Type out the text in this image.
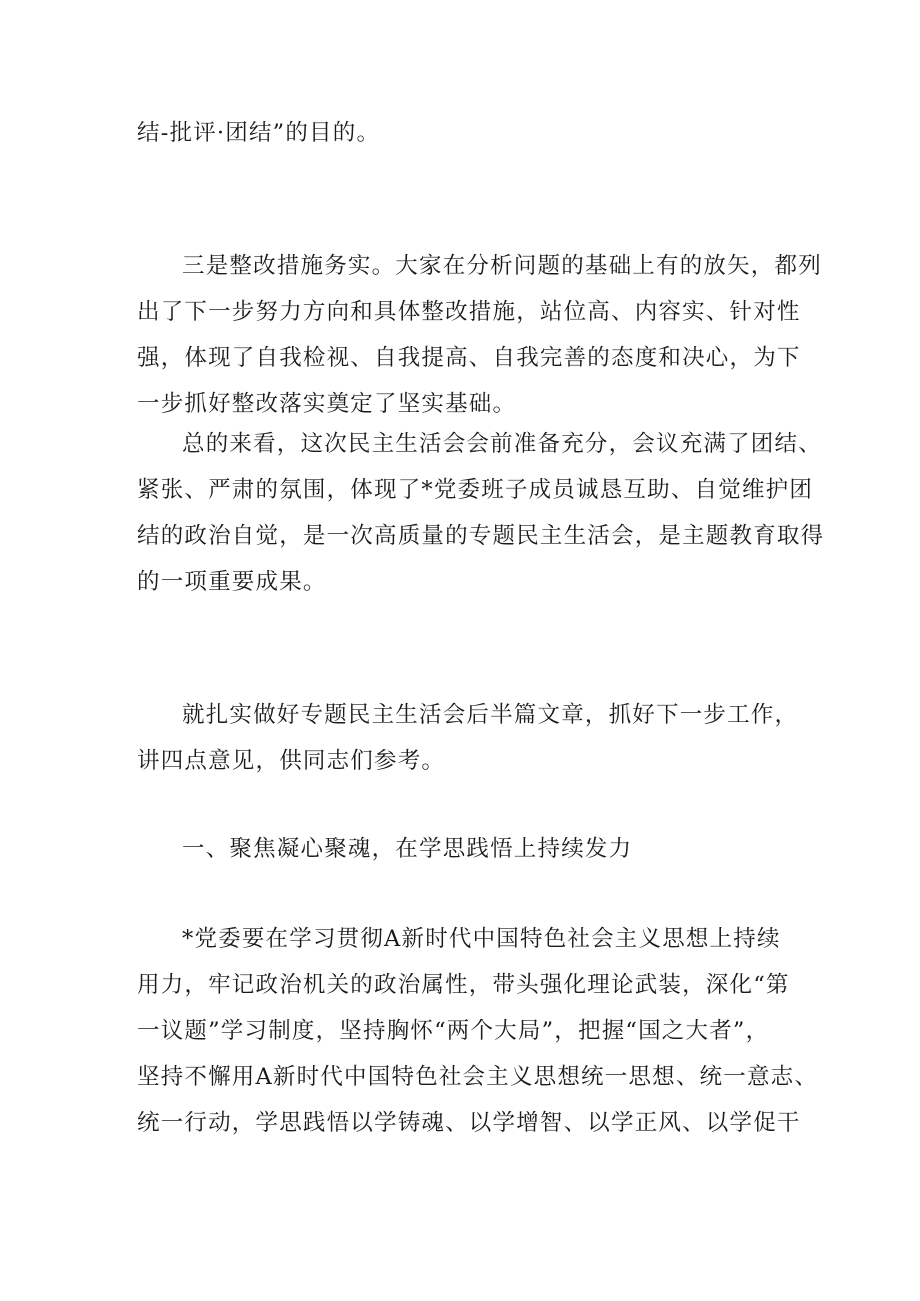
结-批评·团结”的目的。

三是整改措施务实。大家在分析问题的基础上有的放矢，都列
出了下一步努力方向和具体整改措施，站位高、内容实、针对性
强，体现了自我检视、自我提高、自我完善的态度和决心，为下
一步抓好整改落实奠定了坚实基础。

总的来看，这次民主生活会会前准备充分，会议充满了团结、
紧张、严肃的氛围，体现了*党委班子成员诚恳互助、自觉维护团
结的政治自觉，是一次高质量的专题民主生活会，是主题教育取得
的一项重要成果。

就扎实做好专题民主生活会后半篇文章，抓好下一步工作，
讲四点意见，供同志们参考。

一、聚焦凝心聚魂，在学思践悟上持续发力

*党委要在学习贯彻A新时代中国特色社会主义思想上持续
用力，牢记政治机关的政治属性，带头强化理论武装，深化“第
一议题”学习制度，坚持胸怀“两个大局”，把握“国之大者”，
坚持不懈用A新时代中国特色社会主义思想统一思想、统一意志、
统一行动，学思践悟以学铸魂、以学增智、以学正风、以学促干
